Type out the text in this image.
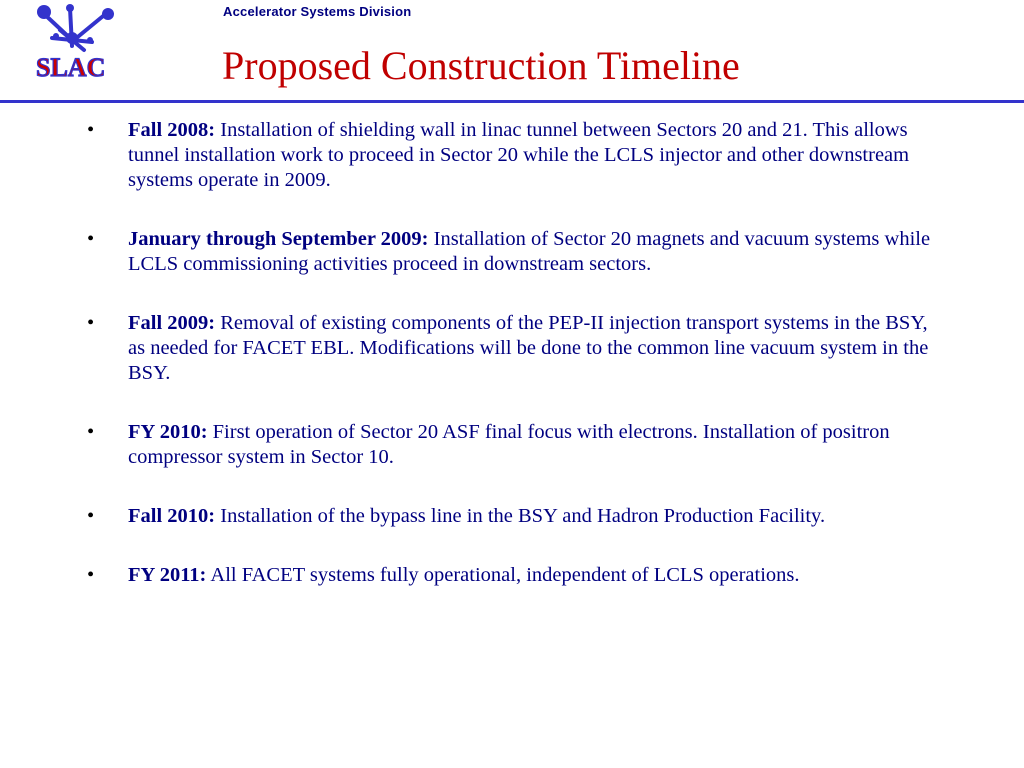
SLAC
Accelerator Systems Division
Proposed Construction Timeline
• Fall 2008: Installation of shielding wall in linac tunnel between Sectors 20 and 21. This allows tunnel installation work to proceed in Sector 20 while the LCLS injector and other downstream systems operate in 2009.
• January through September 2009: Installation of Sector 20 magnets and vacuum systems while LCLS commissioning activities proceed in downstream sectors.
• Fall 2009: Removal of existing components of the PEP-II injection transport systems in the BSY, as needed for FACET EBL. Modifications will be done to the common line vacuum system in the BSY.
• FY 2010: First operation of Sector 20 ASF final focus with electrons. Installation of positron compressor system in Sector 10.
• Fall 2010: Installation of the bypass line in the BSY and Hadron Production Facility.
• FY 2011: All FACET systems fully operational, independent of LCLS operations.
